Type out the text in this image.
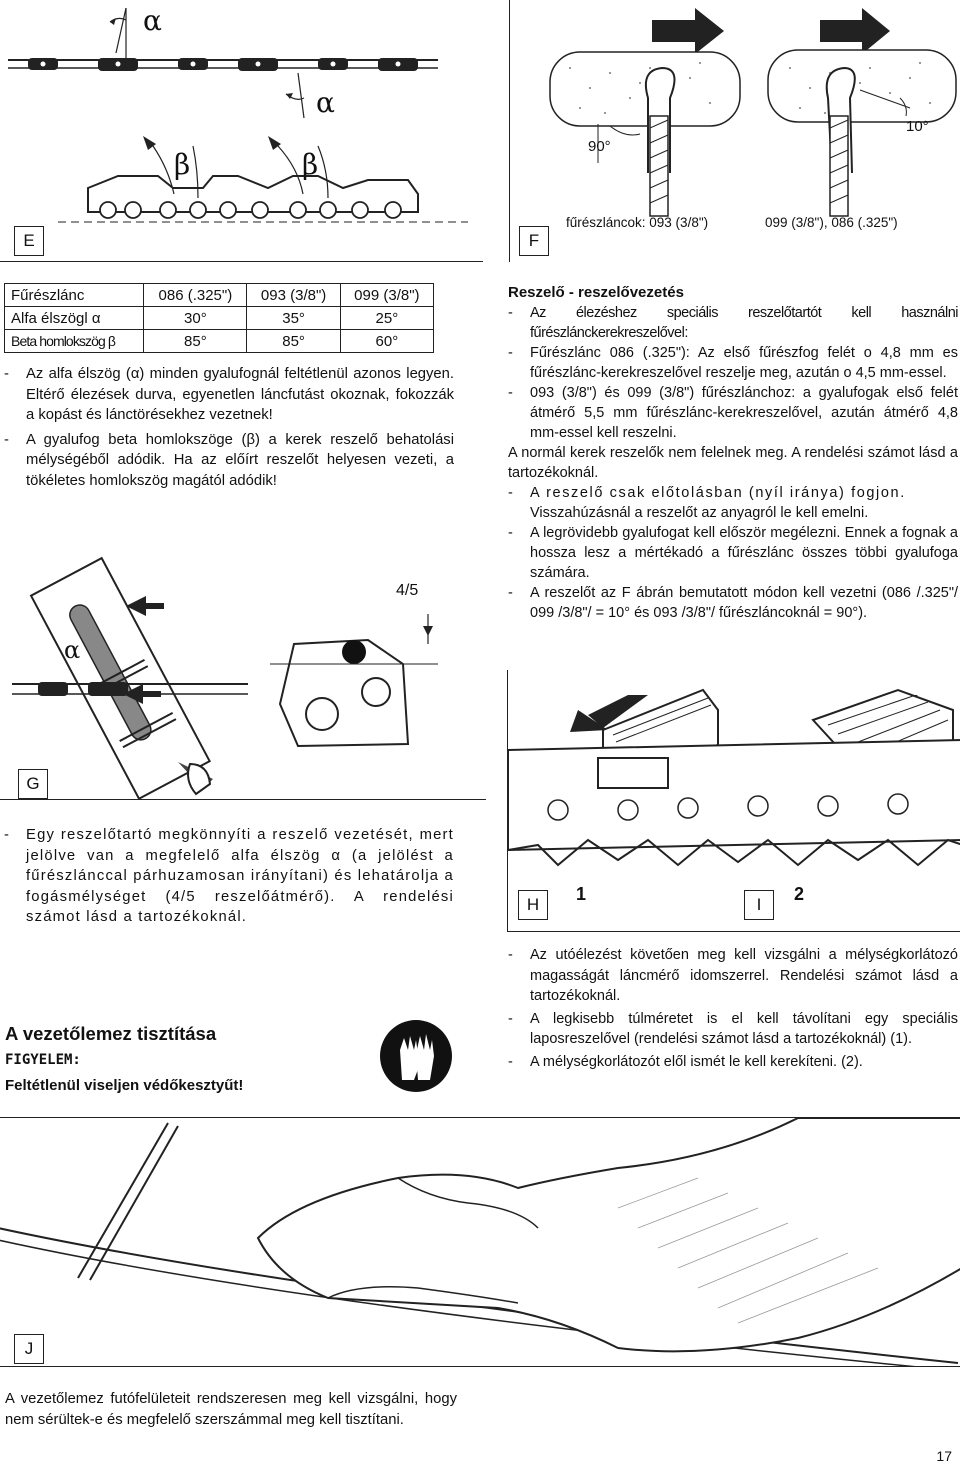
α
α
β	β
E
90°
10°
fűrészláncok: 093 (3/8")	099 (3/8"), 086 (.325")
F
Fűrészlánc	086 (.325")	093 (3/8")	099 (3/8")
Alfa élszögl α	30°	35°	25°
Beta homlokszög β	85°	85°	60°
-	Az alfa élszög (α) minden gyalufognál feltétlenül azonos legyen. Eltérő élezések durva, egyenetlen láncfutást okoznak, fokozzák a kopást és lánctörésekhez vezetnek!
-	A gyalufog beta homlokszöge (β) a kerek reszelő behatolási mélységéből adódik. Ha az előírt reszelőt helyesen vezeti, a tökéletes homlokszög magától adódik!
α
4/5
G
-	Egy reszelőtartó megkönnyíti a reszelő vezetését, mert jelölve van a megfelelő alfa élszög α (a jelölést a fűrészlánccal párhuzamosan irányítani) és lehatárolja a fogásmélységet (4/5 reszelőátmérő). A rendelési számot lásd a tartozékoknál.
Reszelő - reszelővezetés
-	Az élezéshez speciális reszelőtartót kell használni fűrészlánckerekreszelővel:
-	Fűrészlánc 086 (.325"): Az első fűrészfog felét o 4,8 mm es fűrészlánc-kerekreszelővel reszelje meg, azután o 4,5 mm-essel.
-	093 (3/8") és 099 (3/8") fűrészlánchoz: a gyalufogak első felét átmérő 5,5 mm fűrészlánc-kerekreszelővel, azután átmérő 4,8 mm-essel kell reszelni.
A normál kerek reszelők nem felelnek meg. A rendelési számot lásd a tartozékoknál.
-	A reszelő csak előtolásban (nyíl iránya) fogjon.
Visszahúzásnál a reszelőt az anyagról le kell emelni.
-	A legrövidebb gyalufogat kell először megélezni. Ennek a fognak a hossza lesz a mértékadó a fűrészlánc összes többi gyalufoga számára.
-	A reszelőt az F ábrán bemutatott módon kell vezetni (086 /.325"/ 099 /3/8"/ = 10° és 093 /3/8"/ fűrészláncoknál = 90°).
1	2
H	I
-	Az utóélezést követően meg kell vizsgálni a mélységkorlátozó magasságát láncmérő idomszerrel. Rendelési számot lásd a tartozékoknál.
-	A legkisebb túlméretet is el kell távolítani egy speciális laposreszelővel (rendelési számot lásd a tartozékoknál) (1).
-	A mélységkorlátozót elől ismét le kell kerekíteni. (2).
A vezetőlemez tisztítása
FIGYELEM:
Feltétlenül viseljen védőkesztyűt!
J
A vezetőlemez futófelületeit rendszeresen meg kell vizsgálni, hogy nem sérültek-e és megfelelő szerszámmal meg kell tisztítani.
17
